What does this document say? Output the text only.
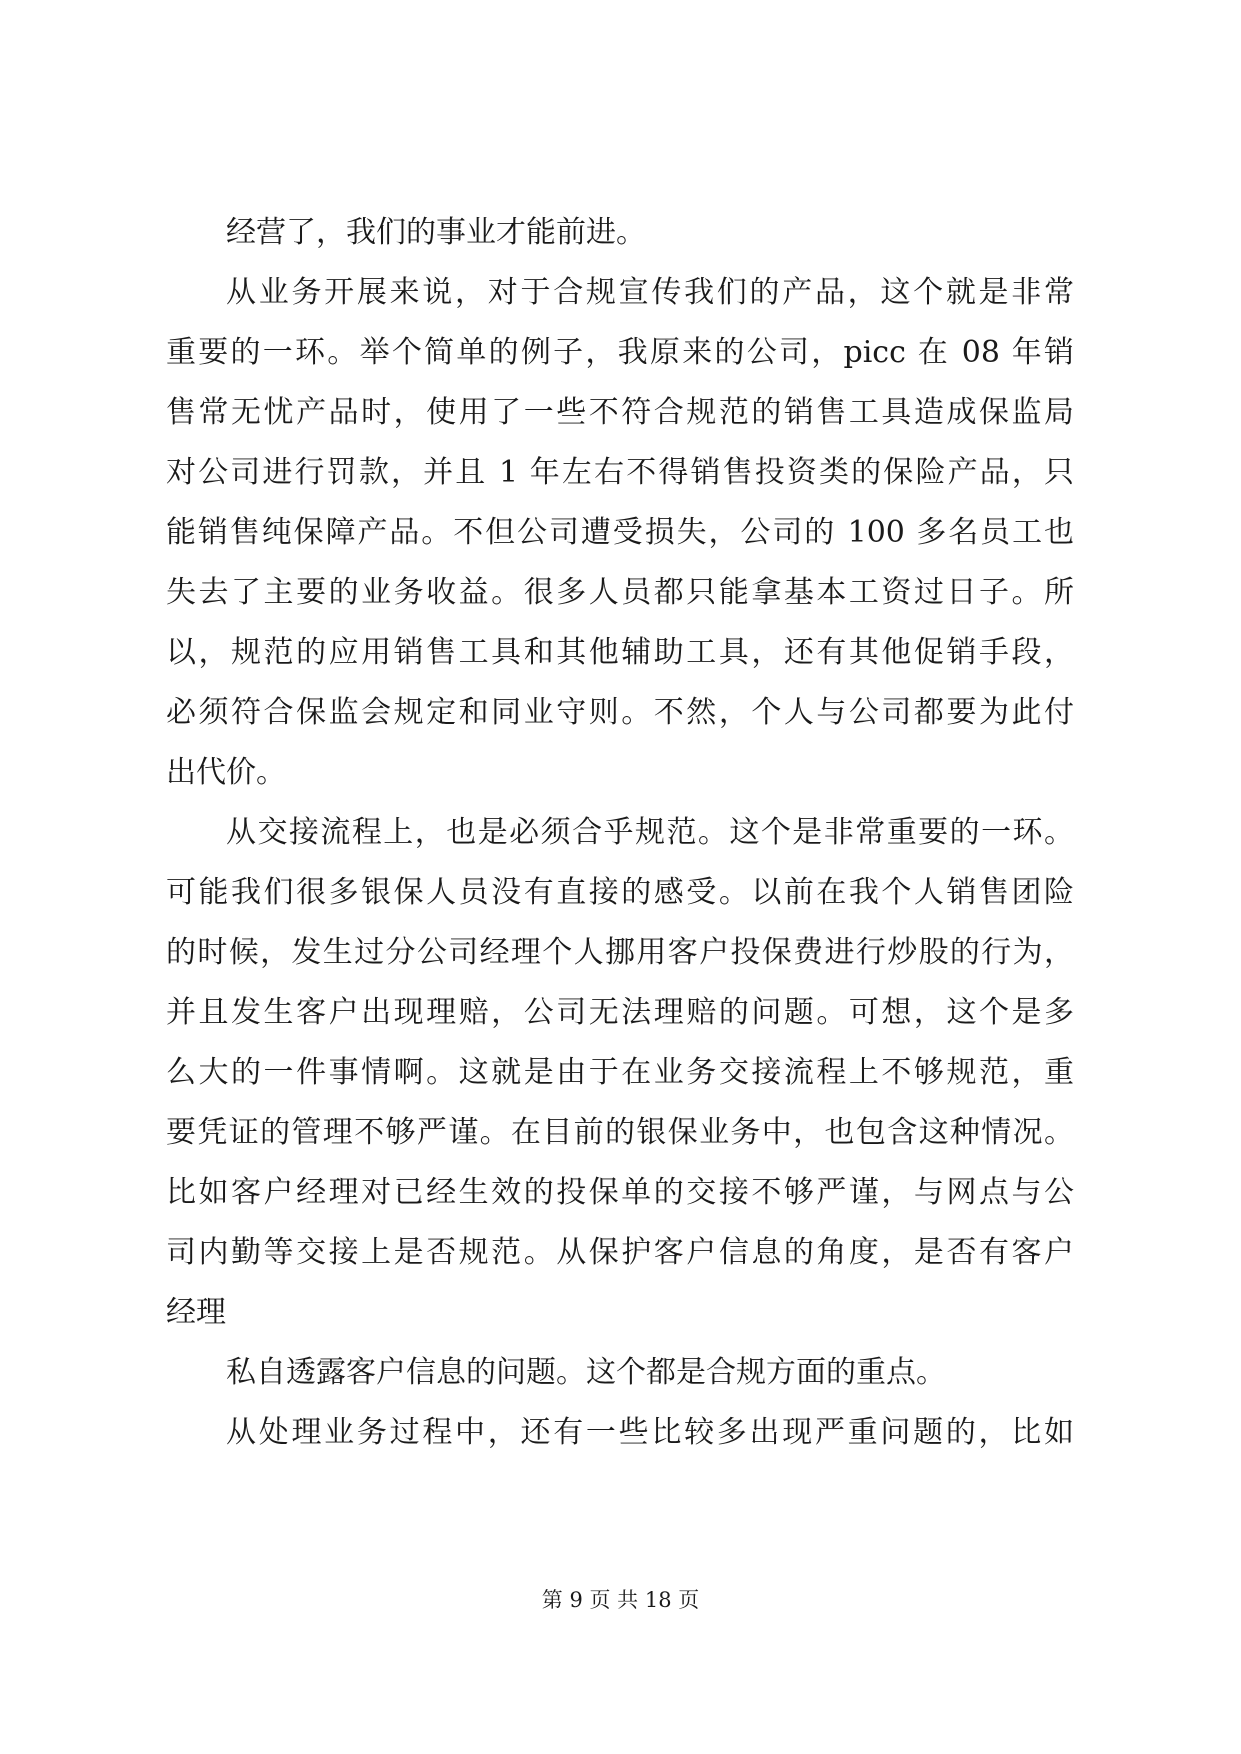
经营了，我们的事业才能前进。
从业务开展来说，对于合规宣传我们的产品，这个就是非常
重要的一环。举个简单的例子，我原来的公司，picc 在 08 年销
售常无忧产品时，使用了一些不符合规范的销售工具造成保监局
对公司进行罚款，并且 1 年左右不得销售投资类的保险产品，只
能销售纯保障产品。不但公司遭受损失，公司的 100 多名员工也
失去了主要的业务收益。很多人员都只能拿基本工资过日子。所
以，规范的应用销售工具和其他辅助工具，还有其他促销手段，
必须符合保监会规定和同业守则。不然，个人与公司都要为此付
出代价。
从交接流程上，也是必须合乎规范。这个是非常重要的一环。
可能我们很多银保人员没有直接的感受。以前在我个人销售团险
的时候，发生过分公司经理个人挪用客户投保费进行炒股的行为，
并且发生客户出现理赔，公司无法理赔的问题。可想，这个是多
么大的一件事情啊。这就是由于在业务交接流程上不够规范，重
要凭证的管理不够严谨。在目前的银保业务中，也包含这种情况。
比如客户经理对已经生效的投保单的交接不够严谨，与网点与公
司内勤等交接上是否规范。从保护客户信息的角度，是否有客户
经理
私自透露客户信息的问题。这个都是合规方面的重点。
从处理业务过程中，还有一些比较多出现严重问题的，比如
第 9 页 共 18 页
